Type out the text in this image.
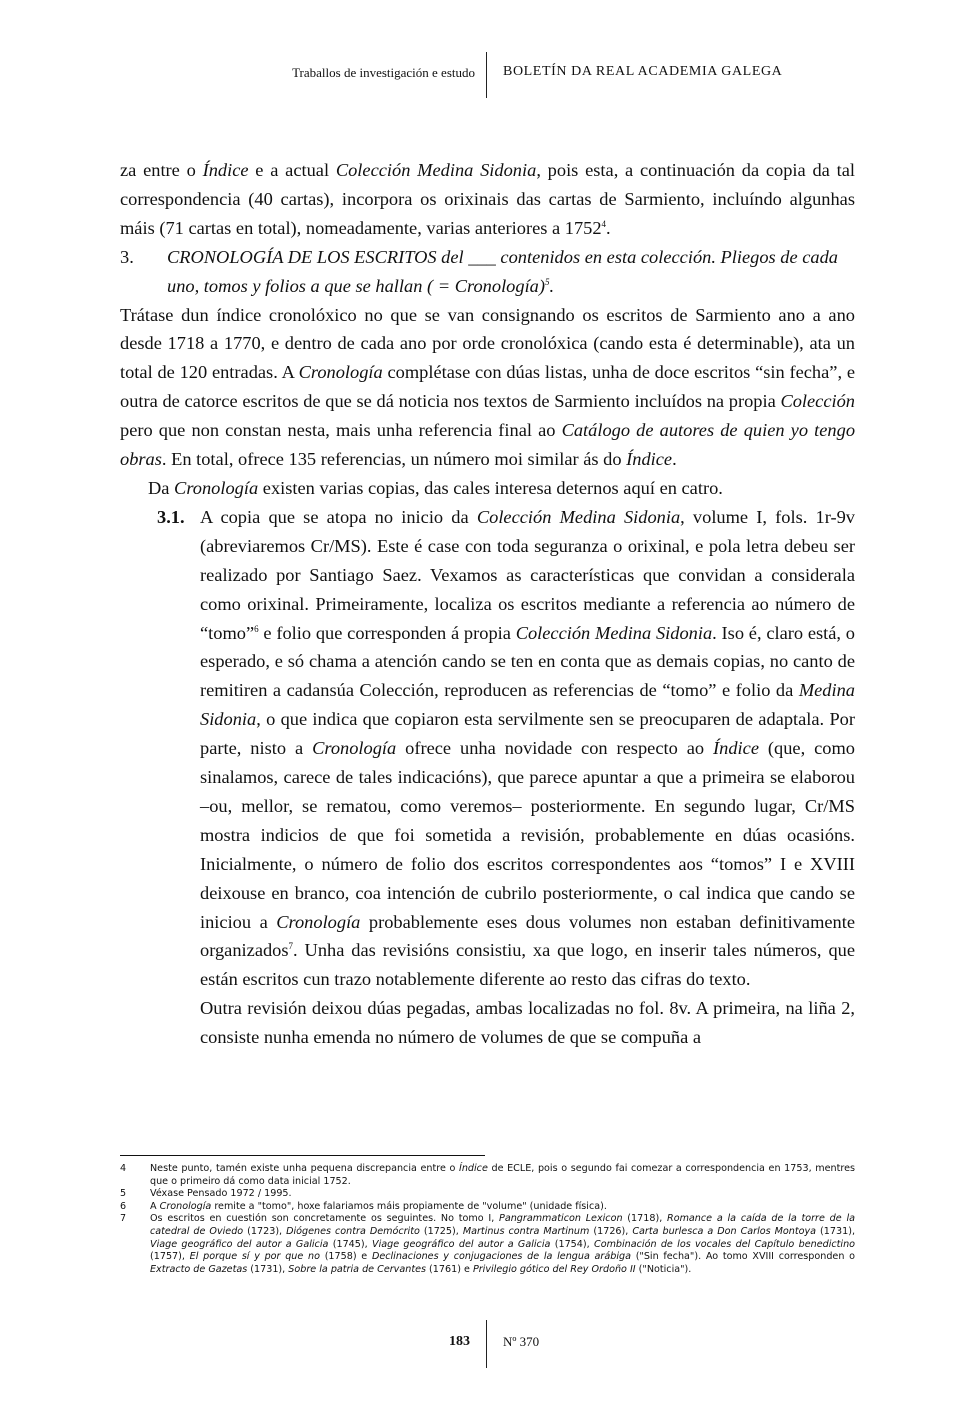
Traballos de investigación e estudo BOLETÍN DA REAL ACADEMIA GALEGA

za entre o Índice e a actual Colección Medina Sidonia, pois esta, a continuación da copia da tal correspondencia (40 cartas), incorpora os orixinais das cartas de Sarmiento, incluíndo algunhas máis (71 cartas en total), nomeadamente, varias anteriores a 1752$^4$.

3. CRONOLOGÍA DE LOS ESCRITOS del ___ contenidos en esta colección. Pliegos de cada uno, tomos y folios a que se hallan ( = Cronología)$^5$.

Trátase dun índice cronolóxico no que se van consignando os escritos de Sarmiento ano a ano desde 1718 a 1770, e dentro de cada ano por orde cronolóxica (cando esta é determinable), ata un total de 120 entradas. A Cronología complétase con dúas listas, unha de doce escritos “sin fecha”, e outra de catorce escritos de que se dá noticia nos textos de Sarmiento incluídos na propia Colección pero que non constan nesta, mais unha referencia final ao Catálogo de autores de quien yo tengo obras. En total, ofrece 135 referencias, un número moi similar ás do Índice.

Da Cronología existen varias copias, das cales interesa deternos aquí en catro.

3.1. A copia que se atopa no inicio da Colección Medina Sidonia, volume I, fols. 1r-9v (abreviaremos Cr/MS). Este é case con toda seguranza o orixinal, e pola letra debeu ser realizado por Santiago Saez. Vexamos as características que convidan a considerala como orixinal. Primeiramente, localiza os escritos mediante a referencia ao número de “tomo”$^6$ e folio que corresponden á propia Colección Medina Sidonia. Iso é, claro está, o esperado, e só chama a atención cando se ten en conta que as demais copias, no canto de remitiren a cadansúa Colección, reproducen as referencias de “tomo” e folio da Medina Sidonia, o que indica que copiaron esta servilmente sen se preocuparen de adaptala. Por parte, nisto a Cronología ofrece unha novidade con respecto ao Índice (que, como sinalamos, carece de tales indicacións), que parece apuntar a que a primeira se elaborou –ou, mellor, se rematou, como veremos– posteriormente. En segundo lugar, Cr/MS mostra indicios de que foi sometida a revisión, probablemente en dúas ocasións. Inicialmente, o número de folio dos escritos correspondentes aos “tomos” I e XVIII deixouse en branco, coa intención de cubrilo posteriormente, o cal indica que cando se iniciou a Cronología probablemente eses dous volumes non estaban definitivamente organizados$^7$. Unha das revisións consistiu, xa que logo, en inserir tales números, que están escritos cun trazo notablemente diferente ao resto das cifras do texto.

Outra revisión deixou dúas pegadas, ambas localizadas no fol. 8v. A primeira, na liña 2, consiste nunha emenda no número de volumes de que se compuña a

4 Neste punto, tamén existe unha pequena discrepancia entre o Índice de ECLE, pois o segundo fai comezar a correspondencia en 1753, mentres que o primeiro dá como data inicial 1752.
5 Véxase Pensado 1972 / 1995.
6 A Cronología remite a "tomo", hoxe falariamos máis propiamente de "volume" (unidade física).
7 Os escritos en cuestión son concretamente os seguintes. No tomo I, Pangrammaticon Lexicon (1718), Romance a la caída de la torre de la catedral de Oviedo (1723), Diógenes contra Demócrito (1725), Martinus contra Martinum (1726), Carta burlesca a Don Carlos Montoya (1731), Viage geográfico del autor a Galicia (1745), Viage geográfico del autor a Galicia (1754), Combinación de los vocales del Capítulo benedictino (1757), El porque sí y por que no (1758) e Declinaciones y conjugaciones de la lengua arábiga ("Sin fecha"). Ao tomo XVIII corresponden o Extracto de Gazetas (1731), Sobre la patria de Cervantes (1761) e Privilegio gótico del Rey Ordoño II ("Noticia").
183	Nº 370
